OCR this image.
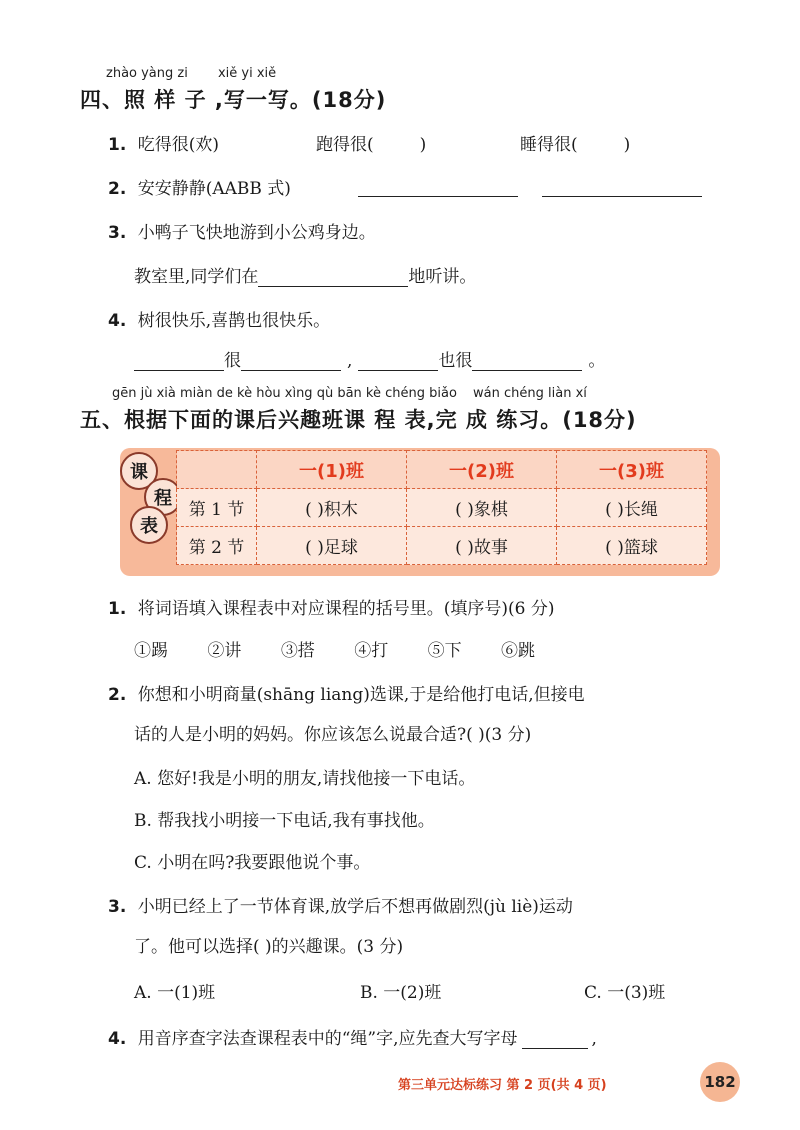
zhào yàng zi xiě yi xiě
四、照 样 子 ,写一写。(18分)
1. 吃得很(欢)	跑得很(	)	睡得很(	)
2. 安安静静(AABB 式)
3. 小鸭子飞快地游到小公鸡身边。
教室里,同学们在	地听讲。
4. 树很快乐,喜鹊也很快乐。
很	,	也很	。
gēn jù xià miàn de kè hòu xìng qù bān kè chéng biǎo wán chéng liàn xí
五、根据下面的课后兴趣班课 程 表,完 成 练习。(18分)
课
程
表
	一(1)班	一(2)班	一(3)班
第 1 节	( )积木	( )象棋	( )长绳
第 2 节	( )足球	( )故事	( )篮球
1. 将词语填入课程表中对应课程的括号里。(填序号)(6 分)
①踢 ②讲 ③搭 ④打 ⑤下 ⑥跳
2. 你想和小明商量(shāng liang)选课,于是给他打电话,但接电
话的人是小明的妈妈。你应该怎么说最合适?( )(3 分)
A. 您好!我是小明的朋友,请找他接一下电话。
B. 帮我找小明接一下电话,我有事找他。
C. 小明在吗?我要跟他说个事。
3. 小明已经上了一节体育课,放学后不想再做剧烈(jù liè)运动
了。他可以选择( )的兴趣课。(3 分)
A. 一(1)班	B. 一(2)班	C. 一(3)班
4. 用音序查字法查课程表中的“绳”字,应先查大写字母	,
第三单元达标练习 第 2 页(共 4 页)	182
